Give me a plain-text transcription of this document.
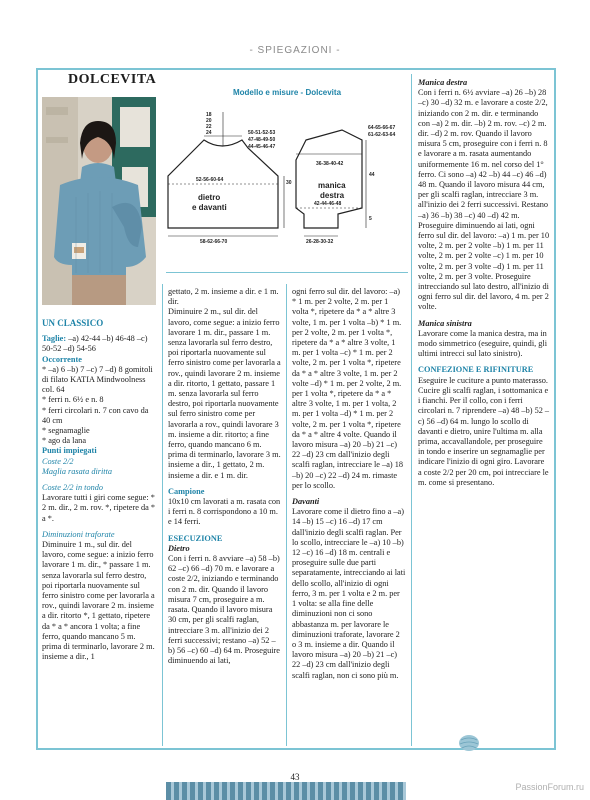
- SPIEGAZIONI -
DOLCEVITA

UN CLASSICO

Taglie: –a) 42-44 –b) 46-48 –c) 50-52 –d) 54-56

Occorrente

* –a) 6 –b) 7 –c) 7 –d) 8 gomitoli di filato KATIA Mindwoolness col. 64

* ferri n. 6½ e n. 8

* ferri circolari n. 7 con cavo da 40 cm

* segnamaglie

* ago da lana

Punti impiegati

Coste 2/2

Maglia rasata diritta

Coste 2/2 in tondo

Lavorare tutti i giri come segue: * 2 m. dir., 2 m. rov. *, ripetere da * a *.

Diminuzioni traforate

Diminuire 1 m., sul dir. del lavoro, come segue: a inizio ferro lavorare 1 m. dir., * passare 1 m. senza lavorarla sul ferro destro, poi riportarla nuovamente sul ferro sinistro come per lavorarla a rov., quindi lavorare 2 m. insieme a dir. ritorto *, 1 gettato, ripetere da * a * ancora 1 volta; a fine ferro, quando mancano 5 m. prima di terminarlo, lavorare 2 m. insieme a dir., 1

Modello e misure - Dolcevita
18
20
22
24	50-51-52-53
47-48-49-50
44-45-46-47
52-56-60-64	30
dietro
e davanti
58-62-66-70
64-65-66-67
61-62-63-64
36-38-40-42
44
manica
destra
42-44-46-48
5
26-28-30-32

gettato, 2 m. insieme a dir. e 1 m. dir.

Diminuire 2 m., sul dir. del lavoro, come segue: a inizio ferro lavorare 1 m. dir., passare 1 m. senza lavorarla sul ferro destro, poi riportarla nuovamente sul ferro sinistro come per lavorarla a rov., quindi lavorare 2 m. insieme a dir. ritorto, 1 gettato, passare 1 m. senza lavorarla sul ferro destro, poi riportarla nuovamente sul ferro sinistro come per lavorarla a rov., quindi lavorare 3 m. insieme a dir. ritorto; a fine ferro, quando mancano 6 m. prima di terminarlo, lavorare 3 m. insieme a dir., 1 gettato, 2 m. insieme a dir. e 1 m. dir.

Campione

10x10 cm lavorati a m. rasata con i ferri n. 8 corrispondono a 10 m. e 14 ferri.

ESECUZIONE

Dietro

Con i ferri n. 8 avviare –a) 58 –b) 62 –c) 66 –d) 70 m. e lavorare a coste 2/2, iniziando e terminando con 2 m. dir. Quando il lavoro misura 7 cm, proseguire a m. rasata. Quando il lavoro misura 30 cm, per gli scalfi raglan, intrecciare 3 m. all'inizio dei 2 ferri successivi; restano –a) 52 –b) 56 –c) 60 –d) 64 m. Proseguire diminuendo ai lati,

ogni ferro sul dir. del lavoro: –a) * 1 m. per 2 volte, 2 m. per 1 volta *, ripetere da * a * altre 3 volte, 1 m. per 1 volta –b) * 1 m. per 2 volte, 2 m. per 1 volta *, ripetere da * a * altre 3 volte, 1 m. per 1 volta –c) * 1 m. per 2 volte, 2 m. per 1 volta *, ripetere da * a * altre 3 volte, 1 m. per 2 volte –d) * 1 m. per 2 volte, 2 m. per 1 volta *, ripetere da * a * altre 3 volte, 1 m. per 1 volta, 2 m. per 1 volta –d) * 1 m. per 2 volte, 2 m. per 1 volta *, ripetere da * a * altre 4 volte. Quando il lavoro misura –a) 20 –b) 21 –c) 22 –d) 23 cm dall'inizio degli scalfi raglan, intrecciare le –a) 18 –b) 20 –c) 22 –d) 24 m. rimaste per lo scollo.

Davanti

Lavorare come il dietro fino a –a) 14 –b) 15 –c) 16 –d) 17 cm dall'inizio degli scalfi raglan. Per lo scollo, intrecciare le –a) 10 –b) 12 –c) 16 –d) 18 m. centrali e proseguire sulle due parti separatamente, intrecciando ai lati dello scollo, all'inizio di ogni ferro, 3 m. per 1 volta e 2 m. per 1 volta: se alla fine delle diminuzioni non ci sono abbastanza m. per lavorare le diminuzioni traforate, lavorare 2 o 3 m. insieme a dir. Quando il lavoro misura –a) 20 –b) 21 –c) 22 –d) 23 cm dall'inizio degli scalfi raglan, non ci sono più m.

Manica destra

Con i ferri n. 6½ avviare –a) 26 –b) 28 –c) 30 –d) 32 m. e lavorare a coste 2/2, iniziando con 2 m. dir. e terminando con –a) 2 m. dir. –b) 2 m. rov. –c) 2 m. dir. –d) 2 m. rov. Quando il lavoro misura 5 cm, proseguire con i ferri n. 8 e lavorare a m. rasata aumentando uniformemente 16 m. nel corso del 1° ferro. Ci sono –a) 42 –b) 44 –c) 46 –d) 48 m. Quando il lavoro misura 44 cm, per gli scalfi raglan, intrecciare 3 m. all'inizio dei 2 ferri successivi. Restano –a) 36 –b) 38 –c) 40 –d) 42 m. Proseguire diminuendo ai lati, ogni ferro sul dir. del lavoro: –a) 1 m. per 10 volte, 2 m. per 2 volte –b) 1 m. per 11 volte, 2 m. per 2 volte –c) 1 m. per 10 volte, 2 m. per 3 volte –d) 1 m. per 11 volte, 2 m. per 3 volte. Proseguire intrecciando sul lato destro, all'inizio di ogni ferro sul dir. del lavoro, 4 m. per 2 volte.

Manica sinistra

Lavorare come la manica destra, ma in modo simmetrico (eseguire, quindi, gli ultimi intrecci sul lato sinistro).

CONFEZIONE E RIFINITURE

Eseguire le cuciture a punto materasso. Cucire gli scalfi raglan, i sottomanica e i fianchi. Per il collo, con i ferri circolari n. 7 riprendere –a) 48 –b) 52 –c) 56 –d) 64 m. lungo lo scollo di davanti e dietro, unire l'ultima m. alla prima, accavallandole, per proseguire in tondo e inserire un segnamaglie per indicare l'inizio di ogni giro. Lavorare a coste 2/2 per 20 cm, poi intrecciare le m. come si presentano.

43
PassionForum.ru
